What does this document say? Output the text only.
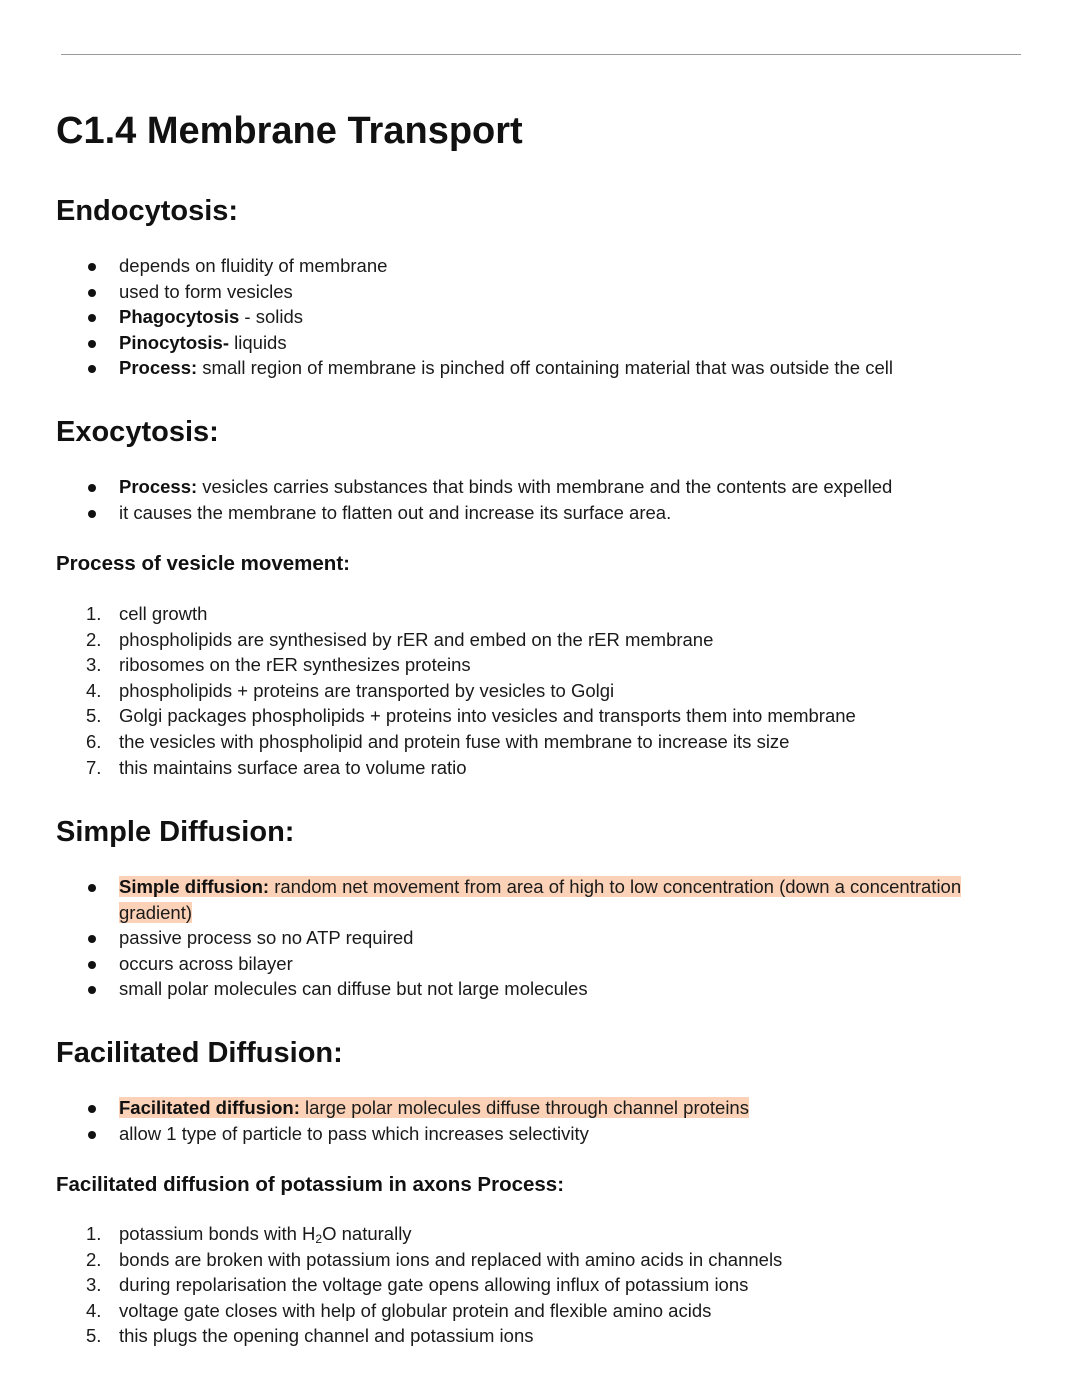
C1.4 Membrane Transport
Endocytosis:
depends on fluidity of membrane
used to form vesicles
Phagocytosis - solids
Pinocytosis- liquids
Process: small region of membrane is pinched off containing material that was outside the cell
Exocytosis:
Process: vesicles carries substances that binds with membrane and the contents are expelled
it causes the membrane to flatten out and increase its surface area.
Process of vesicle movement:
1. cell growth
2. phospholipids are synthesised by rER and embed on the rER membrane
3. ribosomes on the rER synthesizes proteins
4. phospholipids + proteins are transported by vesicles to Golgi
5. Golgi packages phospholipids + proteins into vesicles and transports them into membrane
6. the vesicles with phospholipid and protein fuse with membrane to increase its size
7. this maintains surface area to volume ratio
Simple Diffusion:
Simple diffusion: random net movement from area of high to low concentration (down a concentration
gradient)
passive process so no ATP required
occurs across bilayer
small polar molecules can diffuse but not large molecules
Facilitated Diffusion:
Facilitated diffusion: large polar molecules diffuse through channel proteins
allow 1 type of particle to pass which increases selectivity
Facilitated diffusion of potassium in axons Process:
1. potassium bonds with $H_2O$ naturally
2. bonds are broken with potassium ions and replaced with amino acids in channels
3. during repolarisation the voltage gate opens allowing influx of potassium ions
4. voltage gate closes with help of globular protein and flexible amino acids
5. this plugs the opening channel and potassium ions
